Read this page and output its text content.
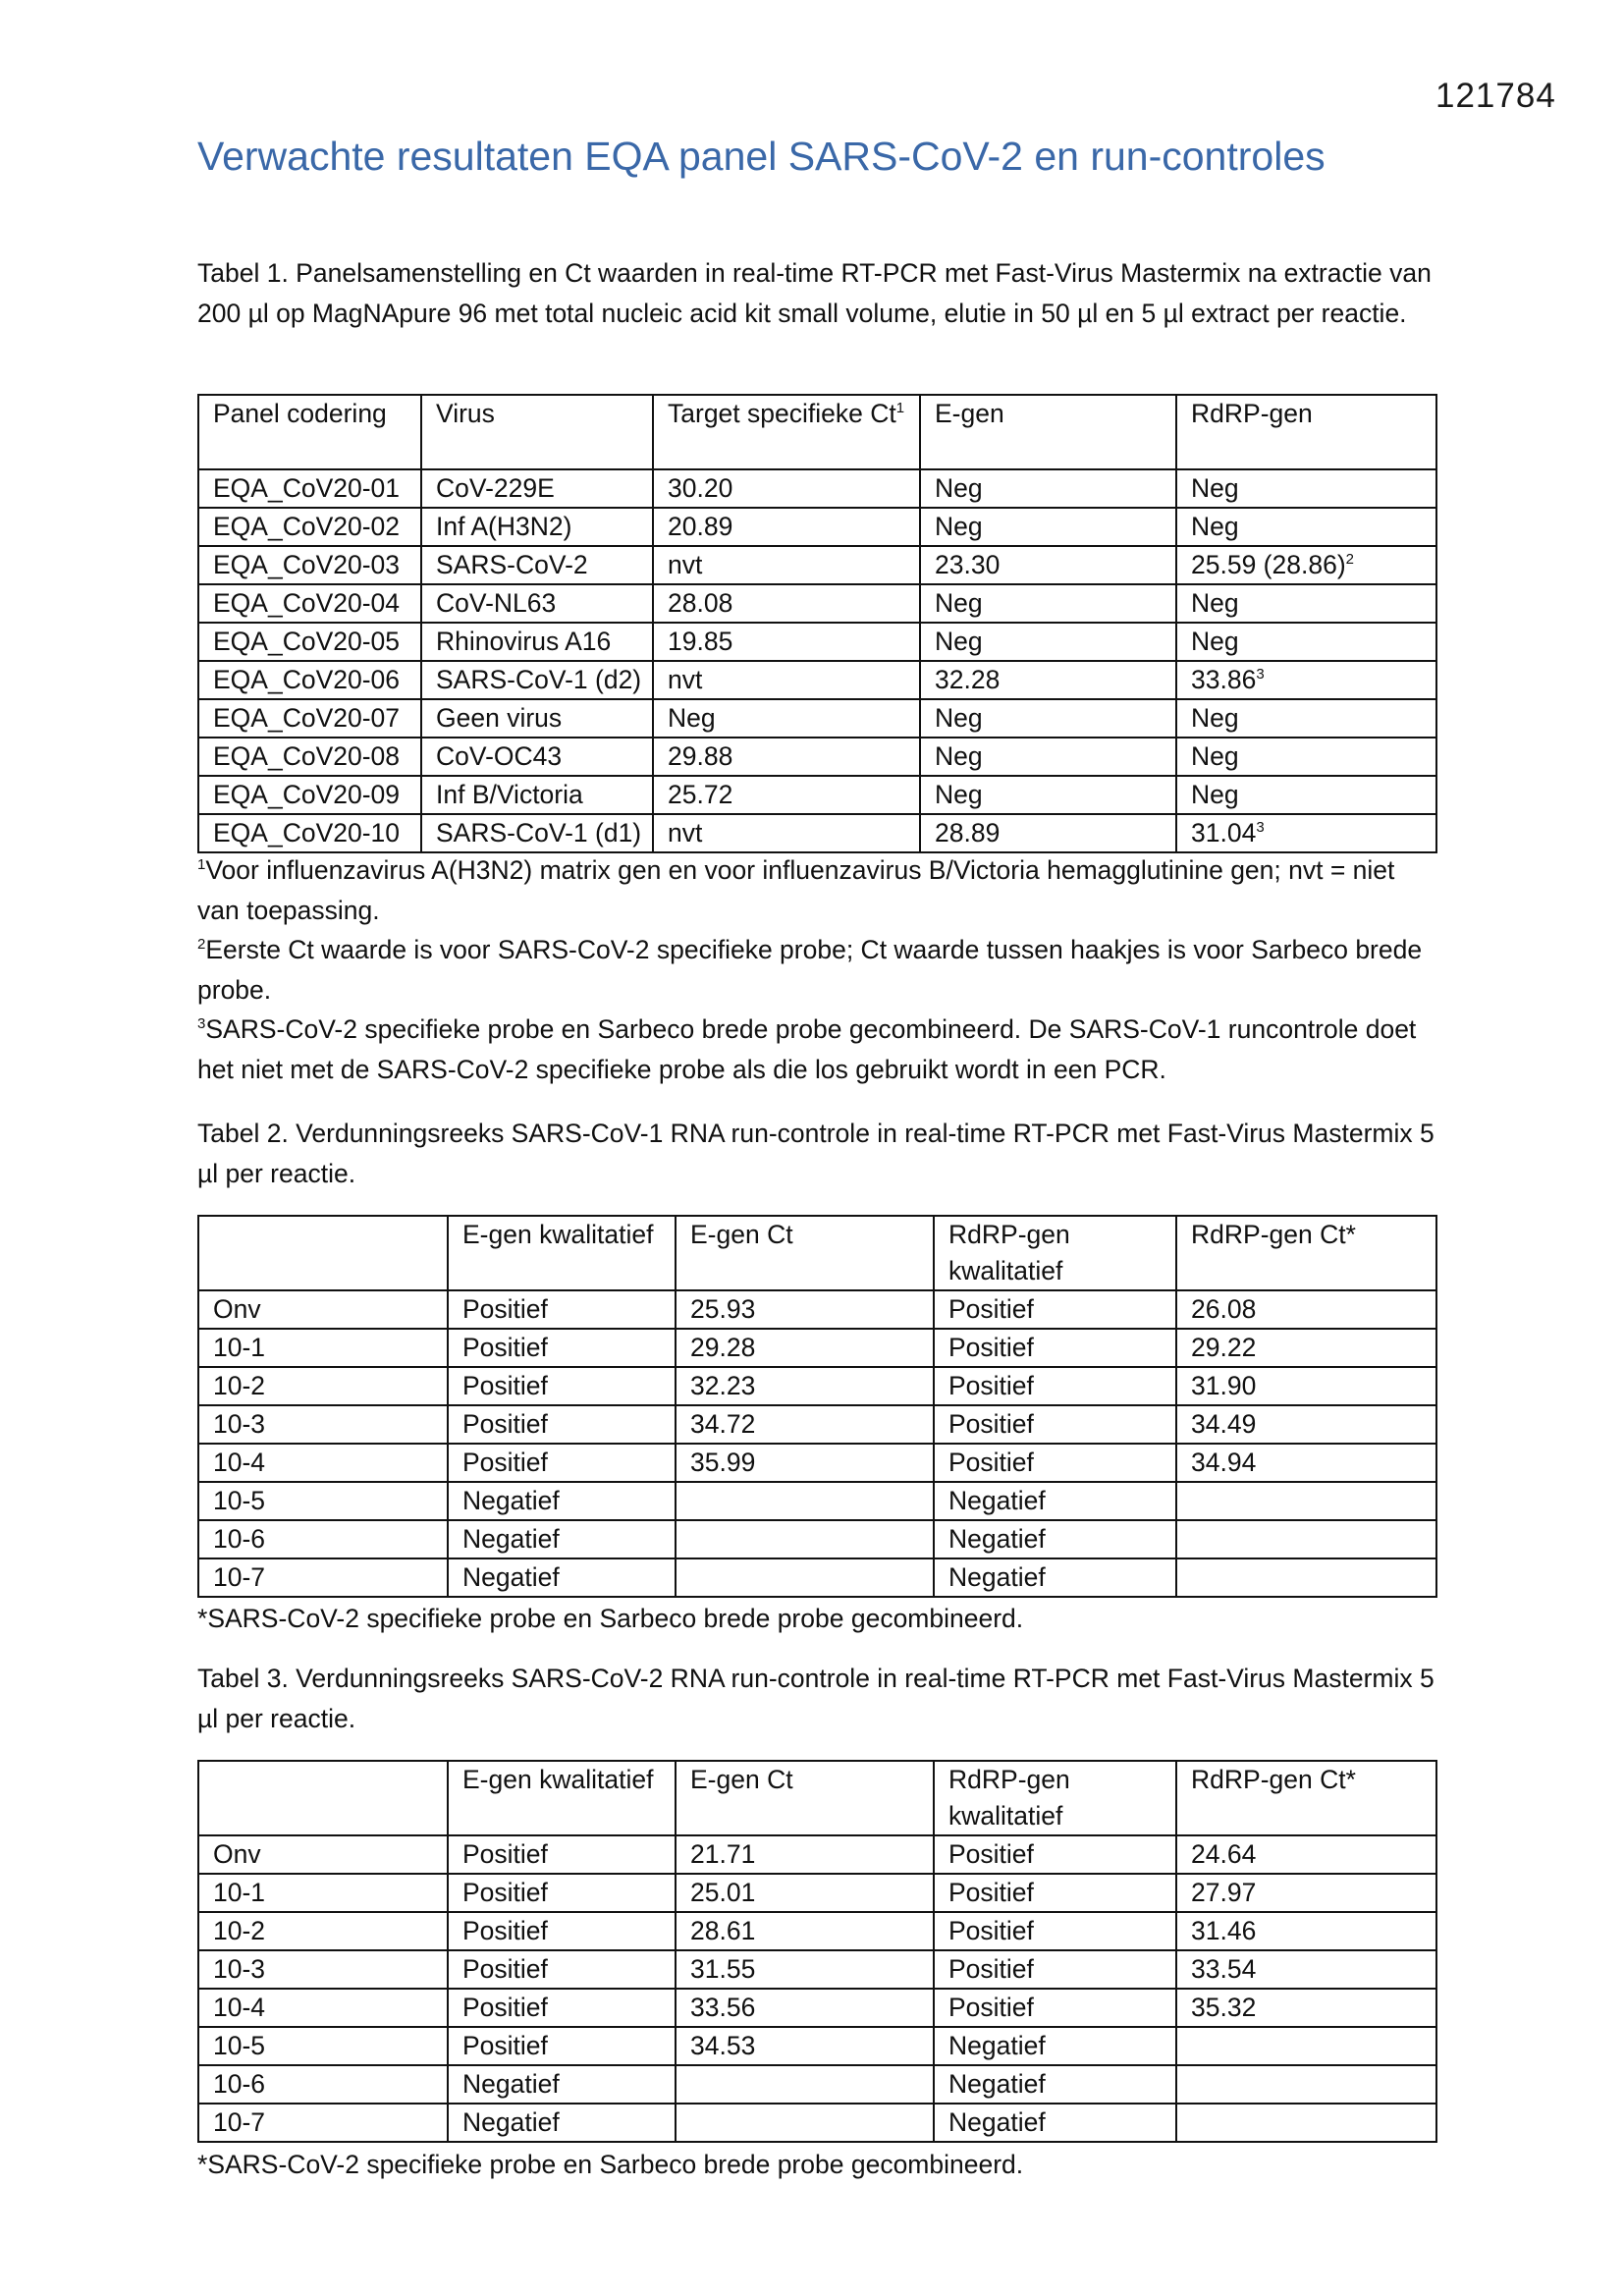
121784
Verwachte resultaten EQA panel SARS-CoV-2 en run-controles

Tabel 1. Panelsamenstelling en Ct waarden in real-time RT-PCR met Fast-Virus Mastermix na extractie van 200 µl op MagNApure 96 met total nucleic acid kit small volume, elutie in 50 µl en 5 µl extract per reactie.

Panel codering	Virus	Target specifieke Ct$^1$	E-gen	RdRP-gen
EQA_CoV20-01	CoV-229E	30.20	Neg	Neg
EQA_CoV20-02	Inf A(H3N2)	20.89	Neg	Neg
EQA_CoV20-03	SARS-CoV-2	nvt	23.30	25.59 $(28.86)^2$
EQA_CoV20-04	CoV-NL63	28.08	Neg	Neg
EQA_CoV20-05	Rhinovirus A16	19.85	Neg	Neg
EQA_CoV20-06	SARS-CoV-1 (d2)	nvt	32.28	33.86$^3$
EQA_CoV20-07	Geen virus	Neg	Neg	Neg
EQA_CoV20-08	CoV-OC43	29.88	Neg	Neg
EQA_CoV20-09	Inf B/Victoria	25.72	Neg	Neg
EQA_CoV20-10	SARS-CoV-1 (d1)	nvt	28.89	31.04$^3$

$^1$Voor influenzavirus A(H3N2) matrix gen en voor influenzavirus B/Victoria hemagglutinine gen; nvt = niet van toepassing.

$^2$Eerste Ct waarde is voor SARS-CoV-2 specifieke probe; Ct waarde tussen haakjes is voor Sarbeco brede probe.

$^3$SARS-CoV-2 specifieke probe en Sarbeco brede probe gecombineerd. De SARS-CoV-1 runcontrole doet het niet met de SARS-CoV-2 specifieke probe als die los gebruikt wordt in een PCR.

Tabel 2. Verdunningsreeks SARS-CoV-1 RNA run-controle in real-time RT-PCR met Fast-Virus Mastermix 5 µl per reactie.

	E-gen kwalitatief	E-gen Ct	RdRP-gen kwalitatief	RdRP-gen Ct*
Onv	Positief	25.93	Positief	26.08
10-1	Positief	29.28	Positief	29.22
10-2	Positief	32.23	Positief	31.90
10-3	Positief	34.72	Positief	34.49
10-4	Positief	35.99	Positief	34.94
10-5	Negatief		Negatief	
10-6	Negatief		Negatief	
10-7	Negatief		Negatief	

*SARS-CoV-2 specifieke probe en Sarbeco brede probe gecombineerd.

Tabel 3. Verdunningsreeks SARS-CoV-2 RNA run-controle in real-time RT-PCR met Fast-Virus Mastermix 5 µl per reactie.

	E-gen kwalitatief	E-gen Ct	RdRP-gen kwalitatief	RdRP-gen Ct*
Onv	Positief	21.71	Positief	24.64
10-1	Positief	25.01	Positief	27.97
10-2	Positief	28.61	Positief	31.46
10-3	Positief	31.55	Positief	33.54
10-4	Positief	33.56	Positief	35.32
10-5	Positief	34.53	Negatief	
10-6	Negatief		Negatief	
10-7	Negatief		Negatief	

*SARS-CoV-2 specifieke probe en Sarbeco brede probe gecombineerd.
